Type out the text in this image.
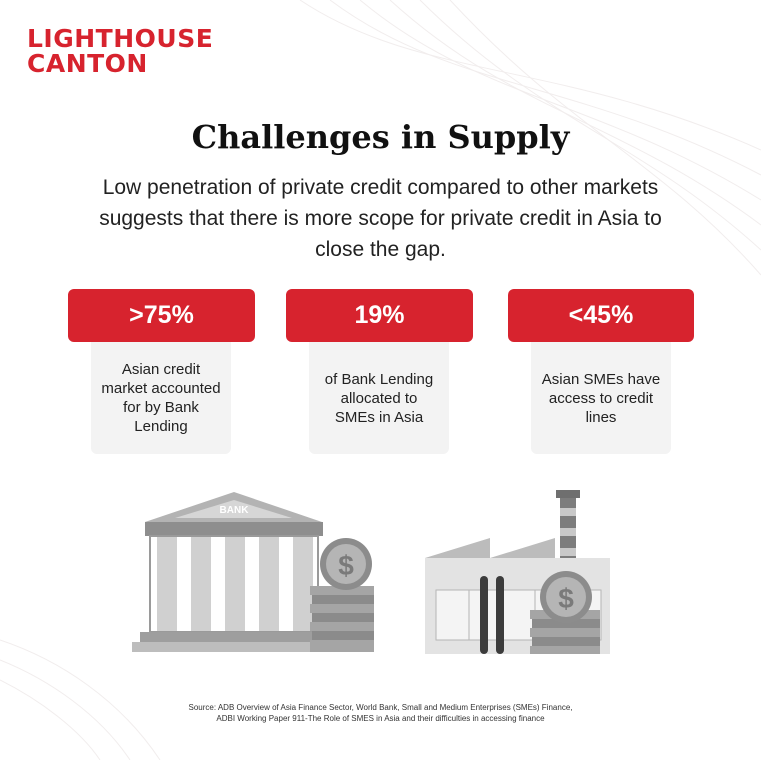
LIGHTHOUSE
CANTON
Challenges in Supply
Low penetration of private credit compared to other markets suggests that there is more scope for private credit in Asia to close the gap.
>75%
Asian credit market accounted for by Bank Lending
19%
of Bank Lending allocated to SMEs in Asia
<45%
Asian SMEs have access to credit lines
BANK
$
$
Source: ADB Overview of Asia Finance Sector, World Bank, Small and Medium Enterprises (SMEs) Finance,
ADBI Working Paper 911-The Role of SMES in Asia and their difficulties in accessing finance
